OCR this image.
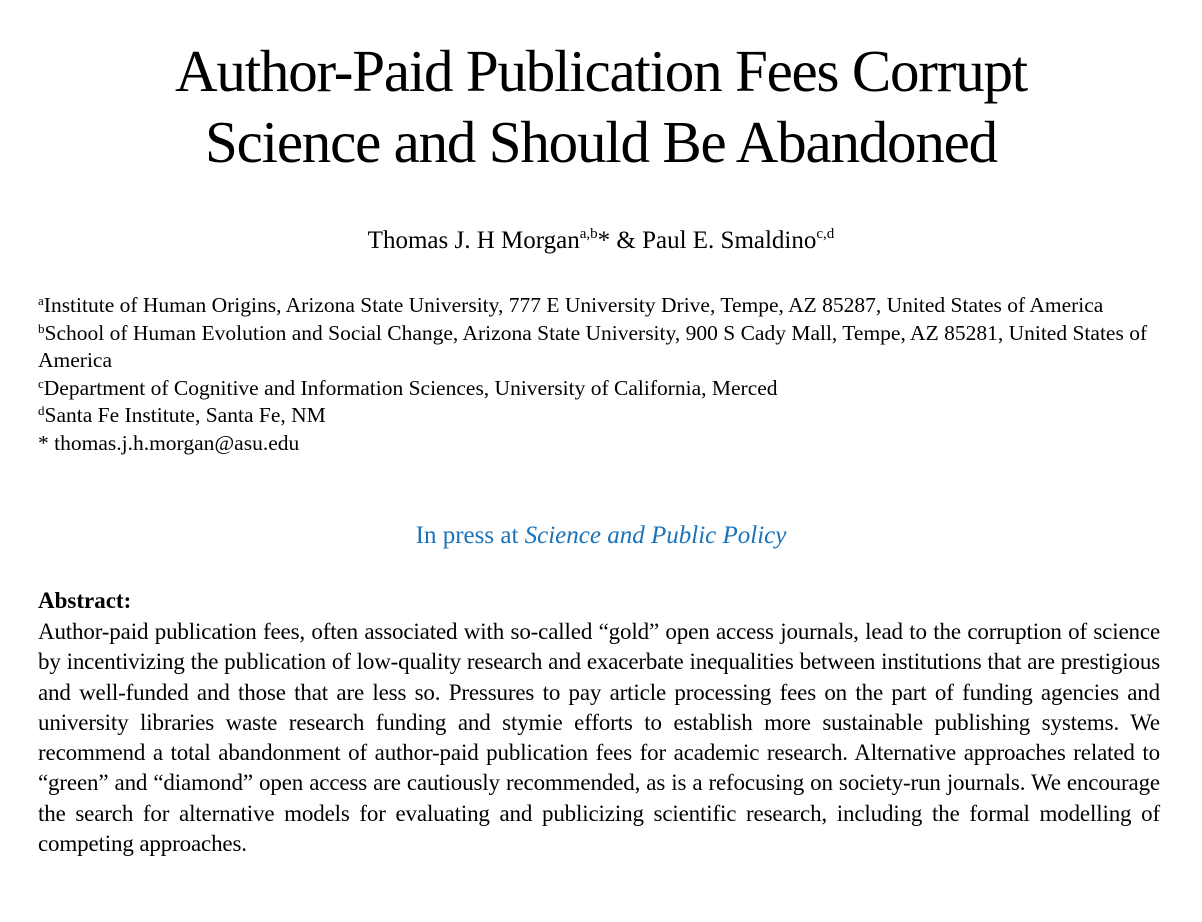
Author-Paid Publication Fees Corrupt
Science and Should Be Abandoned
Thomas J. H Morgan$^{a,b}$* & Paul E. Smaldino$^{c,d}$
$^a$Institute of Human Origins, Arizona State University, 777 E University Drive, Tempe, AZ 85287, United States of America
$^b$School of Human Evolution and Social Change, Arizona State University, 900 S Cady Mall, Tempe, AZ 85281, United States of America
$^c$Department of Cognitive and Information Sciences, University of California, Merced
$^d$Santa Fe Institute, Santa Fe, NM
* thomas.j.h.morgan@asu.edu
In press at Science and Public Policy
Abstract:
Author-paid publication fees, often associated with so-called “gold” open access journals, lead to the corruption of science by incentivizing the publication of low-quality research and exacerbate inequalities between institutions that are prestigious and well-funded and those that are less so. Pressures to pay article processing fees on the part of funding agencies and university libraries waste research funding and stymie efforts to establish more sustainable publishing systems. We recommend a total abandonment of author-paid publication fees for academic research. Alternative approaches related to “green” and “diamond” open access are cautiously recommended, as is a refocusing on society-run journals. We encourage the search for alternative models for evaluating and publicizing scientific research, including the formal modelling of competing approaches.
